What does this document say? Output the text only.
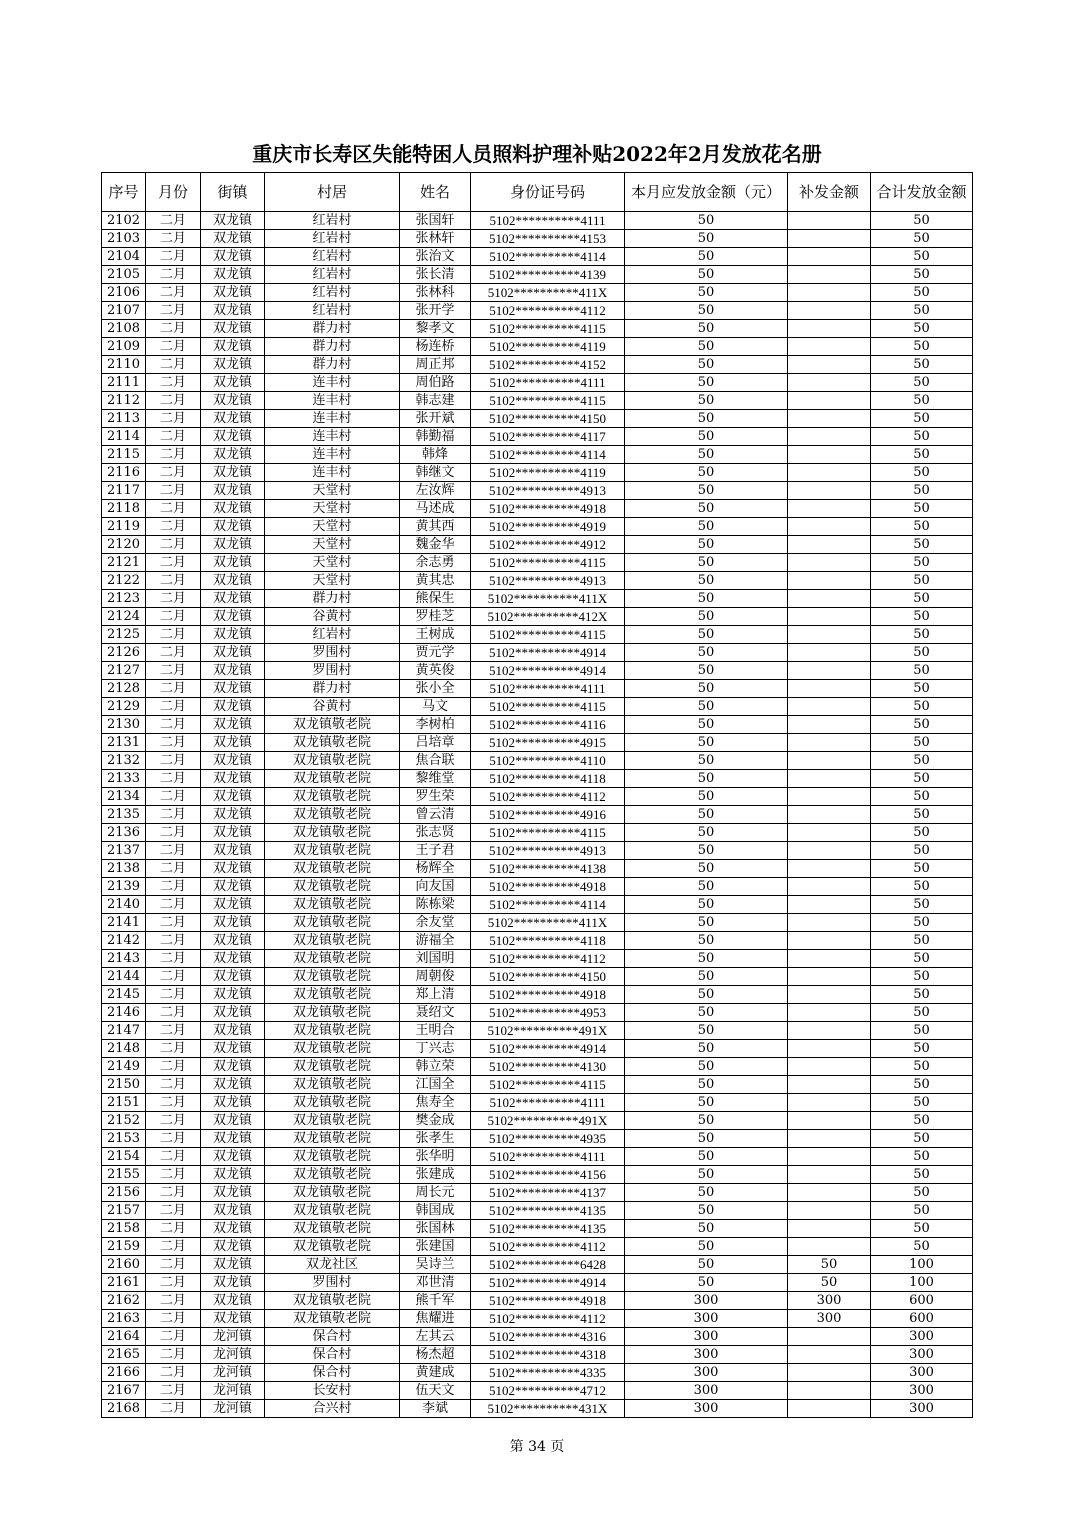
重庆市长寿区失能特困人员照料护理补贴2022年2月发放花名册
序号	月份	街镇	村居	姓名	身份证号码	本月应发放金额（元）	补发金额	合计发放金额
2102	二月	双龙镇	红岩村	张国轩	5102**********4111	50		50
2103	二月	双龙镇	红岩村	张林轩	5102**********4153	50		50
2104	二月	双龙镇	红岩村	张治文	5102**********4114	50		50
2105	二月	双龙镇	红岩村	张长清	5102**********4139	50		50
2106	二月	双龙镇	红岩村	张林科	5102**********411X	50		50
2107	二月	双龙镇	红岩村	张开学	5102**********4112	50		50
2108	二月	双龙镇	群力村	黎孝文	5102**********4115	50		50
2109	二月	双龙镇	群力村	杨连桥	5102**********4119	50		50
2110	二月	双龙镇	群力村	周正邦	5102**********4152	50		50
2111	二月	双龙镇	连丰村	周伯路	5102**********4111	50		50
2112	二月	双龙镇	连丰村	韩志建	5102**********4115	50		50
2113	二月	双龙镇	连丰村	张开斌	5102**********4150	50		50
2114	二月	双龙镇	连丰村	韩勤福	5102**********4117	50		50
2115	二月	双龙镇	连丰村	韩烽	5102**********4114	50		50
2116	二月	双龙镇	连丰村	韩继文	5102**********4119	50		50
2117	二月	双龙镇	天堂村	左汝辉	5102**********4913	50		50
2118	二月	双龙镇	天堂村	马述成	5102**********4918	50		50
2119	二月	双龙镇	天堂村	黄其西	5102**********4919	50		50
2120	二月	双龙镇	天堂村	魏金华	5102**********4912	50		50
2121	二月	双龙镇	天堂村	余志勇	5102**********4115	50		50
2122	二月	双龙镇	天堂村	黄其忠	5102**********4913	50		50
2123	二月	双龙镇	群力村	熊保生	5102**********411X	50		50
2124	二月	双龙镇	谷黄村	罗桂芝	5102**********412X	50		50
2125	二月	双龙镇	红岩村	王树成	5102**********4115	50		50
2126	二月	双龙镇	罗围村	贾元学	5102**********4914	50		50
2127	二月	双龙镇	罗围村	黄英俊	5102**********4914	50		50
2128	二月	双龙镇	群力村	张小全	5102**********4111	50		50
2129	二月	双龙镇	谷黄村	马文	5102**********4115	50		50
2130	二月	双龙镇	双龙镇敬老院	李树柏	5102**********4116	50		50
2131	二月	双龙镇	双龙镇敬老院	吕培章	5102**********4915	50		50
2132	二月	双龙镇	双龙镇敬老院	焦合联	5102**********4110	50		50
2133	二月	双龙镇	双龙镇敬老院	黎维堂	5102**********4118	50		50
2134	二月	双龙镇	双龙镇敬老院	罗生荣	5102**********4112	50		50
2135	二月	双龙镇	双龙镇敬老院	曾云清	5102**********4916	50		50
2136	二月	双龙镇	双龙镇敬老院	张志贤	5102**********4115	50		50
2137	二月	双龙镇	双龙镇敬老院	王子君	5102**********4913	50		50
2138	二月	双龙镇	双龙镇敬老院	杨辉全	5102**********4138	50		50
2139	二月	双龙镇	双龙镇敬老院	向友国	5102**********4918	50		50
2140	二月	双龙镇	双龙镇敬老院	陈栋梁	5102**********4114	50		50
2141	二月	双龙镇	双龙镇敬老院	余友堂	5102**********411X	50		50
2142	二月	双龙镇	双龙镇敬老院	游福全	5102**********4118	50		50
2143	二月	双龙镇	双龙镇敬老院	刘国明	5102**********4112	50		50
2144	二月	双龙镇	双龙镇敬老院	周朝俊	5102**********4150	50		50
2145	二月	双龙镇	双龙镇敬老院	郑上清	5102**********4918	50		50
2146	二月	双龙镇	双龙镇敬老院	聂绍文	5102**********4953	50		50
2147	二月	双龙镇	双龙镇敬老院	王明合	5102**********491X	50		50
2148	二月	双龙镇	双龙镇敬老院	丁兴志	5102**********4914	50		50
2149	二月	双龙镇	双龙镇敬老院	韩立荣	5102**********4130	50		50
2150	二月	双龙镇	双龙镇敬老院	江国全	5102**********4115	50		50
2151	二月	双龙镇	双龙镇敬老院	焦寿全	5102**********4111	50		50
2152	二月	双龙镇	双龙镇敬老院	樊金成	5102**********491X	50		50
2153	二月	双龙镇	双龙镇敬老院	张孝生	5102**********4935	50		50
2154	二月	双龙镇	双龙镇敬老院	张华明	5102**********4111	50		50
2155	二月	双龙镇	双龙镇敬老院	张建成	5102**********4156	50		50
2156	二月	双龙镇	双龙镇敬老院	周长元	5102**********4137	50		50
2157	二月	双龙镇	双龙镇敬老院	韩国成	5102**********4135	50		50
2158	二月	双龙镇	双龙镇敬老院	张国林	5102**********4135	50		50
2159	二月	双龙镇	双龙镇敬老院	张建国	5102**********4112	50		50
2160	二月	双龙镇	双龙社区	吴诗兰	5102**********6428	50	50	100
2161	二月	双龙镇	罗围村	邓世清	5102**********4914	50	50	100
2162	二月	双龙镇	双龙镇敬老院	熊千军	5102**********4918	300	300	600
2163	二月	双龙镇	双龙镇敬老院	焦耀进	5102**********4112	300	300	600
2164	二月	龙河镇	保合村	左其云	5102**********4316	300		300
2165	二月	龙河镇	保合村	杨杰超	5102**********4318	300		300
2166	二月	龙河镇	保合村	黄建成	5102**********4335	300		300
2167	二月	龙河镇	长安村	伍天文	5102**********4712	300		300
2168	二月	龙河镇	合兴村	李斌	5102**********431X	300		300
第 34 页
